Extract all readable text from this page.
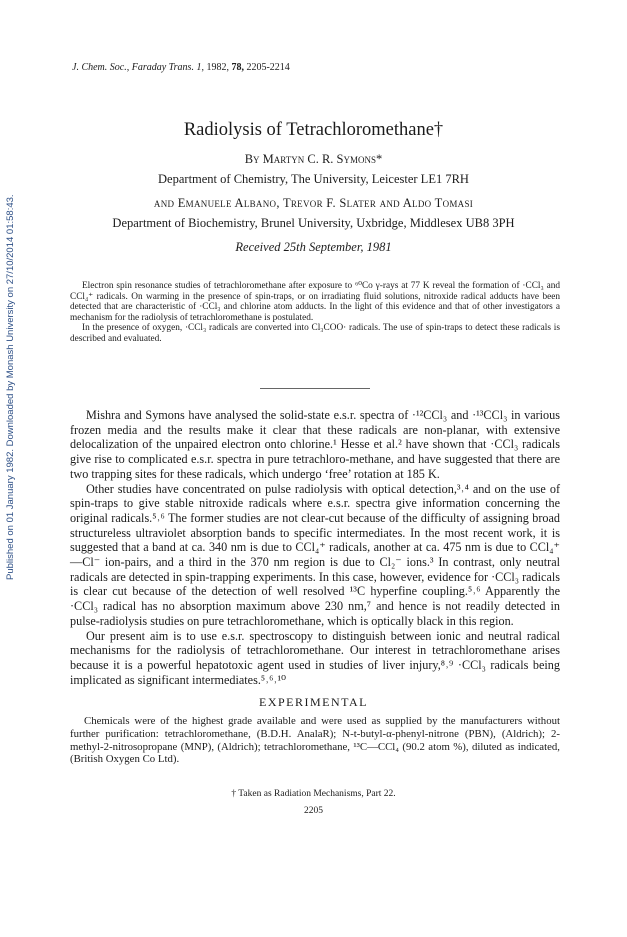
Published on 01 January 1982. Downloaded by Monash University on 27/10/2014 01:58:43.
J. Chem. Soc., Faraday Trans. 1, 1982, 78, 2205-2214
Radiolysis of Tetrachloromethane†
By Martyn C. R. Symons*
Department of Chemistry, The University, Leicester LE1 7RH
and Emanuele Albano, Trevor F. Slater and Aldo Tomasi
Department of Biochemistry, Brunel University, Uxbridge, Middlesex UB8 3PH
Received 25th September, 1981

Electron spin resonance studies of tetrachloromethane after exposure to ⁶⁰Co γ-rays at 77 K reveal the formation of ·CCl₃ and CCl₄⁺ radicals. On warming in the presence of spin-traps, or on irradiating fluid solutions, nitroxide radical adducts have been detected that are characteristic of ·CCl₃ and chlorine atom adducts. In the light of this evidence and that of other investigators a mechanism for the radiolysis of tetrachloromethane is postulated.

In the presence of oxygen, ·CCl₃ radicals are converted into Cl₃COO· radicals. The use of spin-traps to detect these radicals is described and evaluated.

Mishra and Symons have analysed the solid-state e.s.r. spectra of ·¹²CCl₃ and ·¹³CCl₃ in various frozen media and the results make it clear that these radicals are non-planar, with extensive delocalization of the unpaired electron onto chlorine.¹ Hesse et al.² have shown that ·CCl₃ radicals give rise to complicated e.s.r. spectra in pure tetrachloro-methane, and have suggested that there are two trapping sites for these radicals, which undergo ‘free’ rotation at 185 K.

Other studies have concentrated on pulse radiolysis with optical detection,³˒⁴ and on the use of spin-traps to give stable nitroxide radicals where e.s.r. spectra give information concerning the original radicals.⁵˒⁶ The former studies are not clear-cut because of the difficulty of assigning broad structureless ultraviolet absorption bands to specific intermediates. In the most recent work, it is suggested that a band at ca. 340 nm is due to CCl₄⁺ radicals, another at ca. 475 nm is due to CCl₄⁺—Cl⁻ ion-pairs, and a third in the 370 nm region is due to Cl₂⁻ ions.³ In contrast, only neutral radicals are detected in spin-trapping experiments. In this case, however, evidence for ·CCl₃ radicals is clear cut because of the detection of well resolved ¹³C hyperfine coupling.⁵˒⁶ Apparently the ·CCl₃ radical has no absorption maximum above 230 nm,⁷ and hence is not readily detected in pulse-radiolysis studies on pure tetrachloromethane, which is optically black in this region.

Our present aim is to use e.s.r. spectroscopy to distinguish between ionic and neutral radical mechanisms for the radiolysis of tetrachloromethane. Our interest in tetrachloromethane arises because it is a powerful hepatotoxic agent used in studies of liver injury,⁸˒⁹ ·CCl₃ radicals being implicated as significant intermediates.⁵˒⁶˒¹⁰

EXPERIMENTAL

Chemicals were of the highest grade available and were used as supplied by the manufacturers without further purification: tetrachloromethane, (B.D.H. AnalaR); N-t-butyl-α-phenyl-nitrone (PBN), (Aldrich); 2-methyl-2-nitrosopropane (MNP), (Aldrich); tetrachloromethane, ¹³C—CCl₄ (90.2 atom %), diluted as indicated, (British Oxygen Co Ltd).

† Taken as Radiation Mechanisms, Part 22.
2205
